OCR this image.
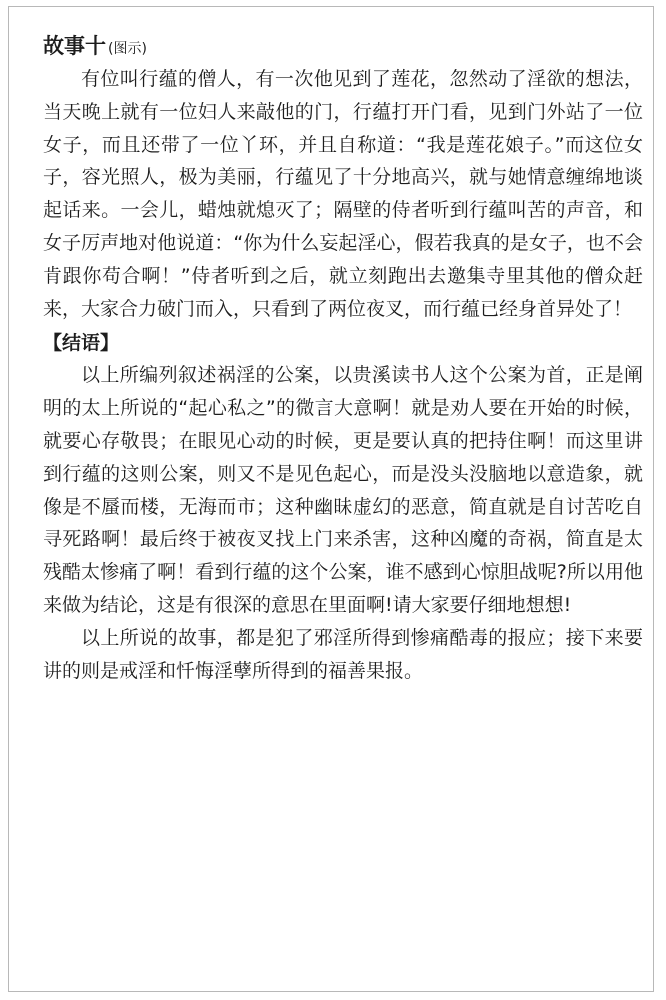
故事十 (图示)

有位叫行蕴的僧人，有一次他见到了莲花，忽然动了淫欲的想法，当天晚上就有一位妇人来敲他的门，行蕴打开门看，见到门外站了一位女子，而且还带了一位丫环，并且自称道：“我是莲花娘子。”而这位女子，容光照人，极为美丽，行蕴见了十分地高兴，就与她情意缠绵地谈起话来。一会儿，蜡烛就熄灭了；隔壁的侍者听到行蕴叫苦的声音，和女子厉声地对他说道：“你为什么妄起淫心，假若我真的是女子，也不会肯跟你苟合啊！”侍者听到之后，就立刻跑出去邀集寺里其他的僧众赶来，大家合力破门而入，只看到了两位夜叉，而行蕴已经身首异处了！

【结语】

以上所编列叙述祸淫的公案，以贵溪读书人这个公案为首，正是阐明的太上所说的“起心私之”的微言大意啊！就是劝人要在开始的时候，就要心存敬畏；在眼见心动的时候，更是要认真的把持住啊！而这里讲到行蕴的这则公案，则又不是见色起心，而是没头没脑地以意造象，就像是不蜃而楼，无海而市；这种幽昧虚幻的恶意，简直就是自讨苦吃自寻死路啊！最后终于被夜叉找上门来杀害，这种凶魔的奇祸，简直是太残酷太惨痛了啊！看到行蕴的这个公案，谁不感到心惊胆战呢?所以用他来做为结论，这是有很深的意思在里面啊!请大家要仔细地想想!

以上所说的故事，都是犯了邪淫所得到惨痛酷毒的报应；接下来要讲的则是戒淫和忏悔淫孽所得到的福善果报。
